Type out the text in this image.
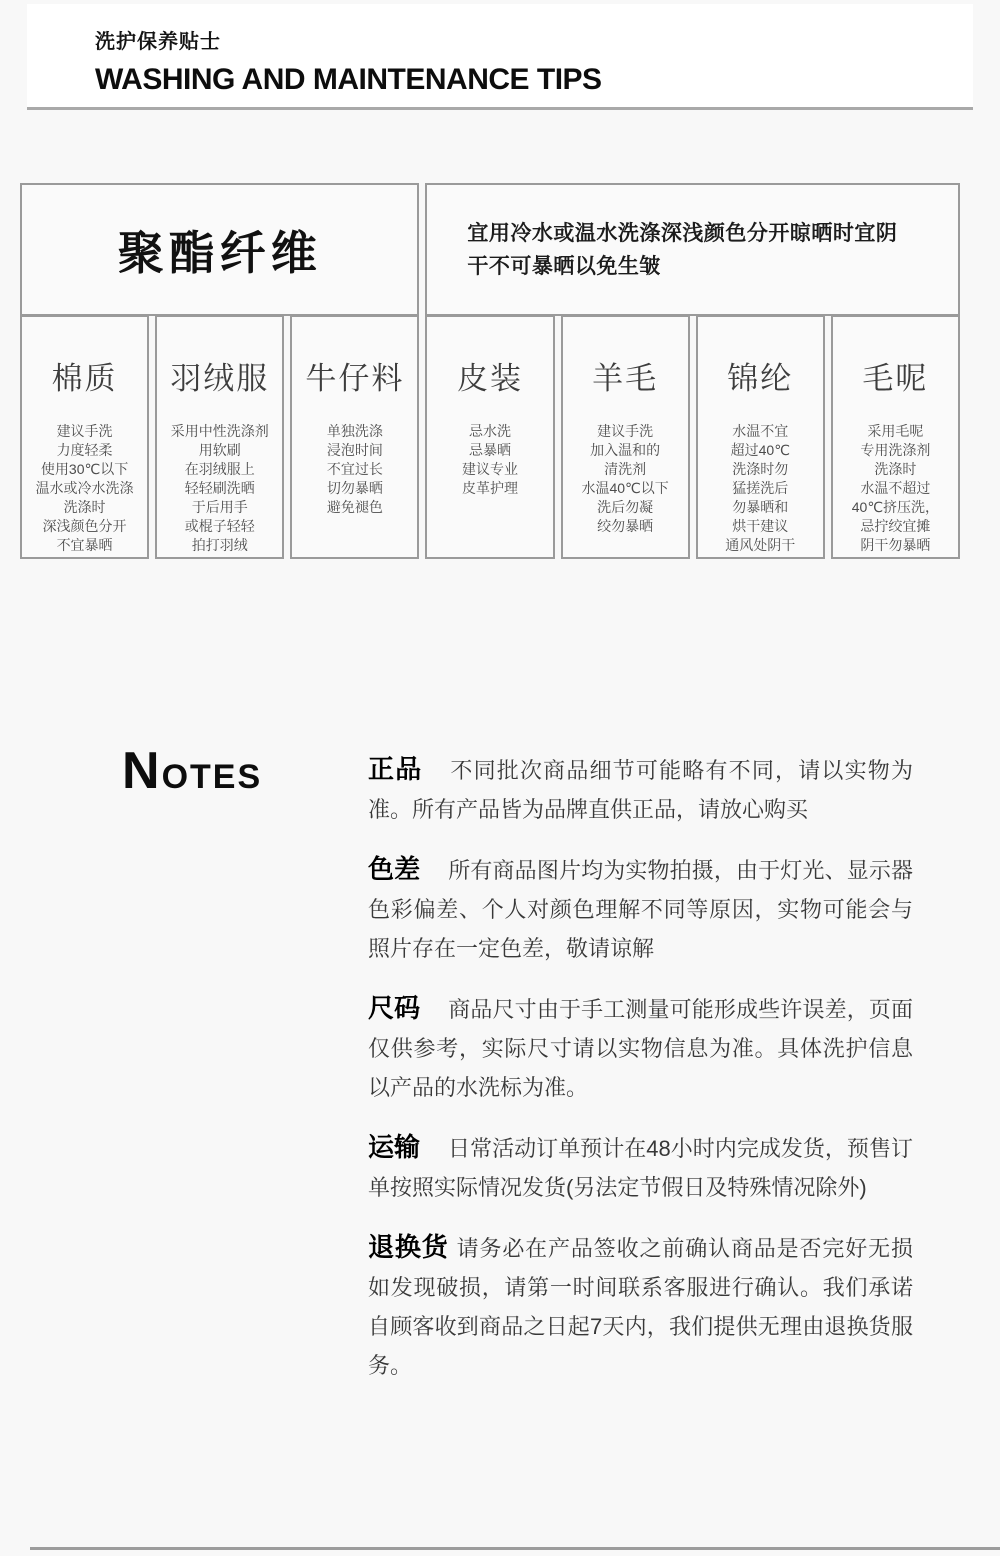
洗护保养贴士
WASHING AND MAINTENANCE TIPS
聚酯纤维	宜用冷水或温水洗涤深浅颜色分开晾晒时宜阴干不可暴晒以免生皱
棉质
建议手洗
力度轻柔
使用30℃以下
温水或冷水洗涤
洗涤时
深浅颜色分开
不宜暴晒
羽绒服
采用中性洗涤剂
用软刷
在羽绒服上
轻轻刷洗晒
于后用手
或棍子轻轻
拍打羽绒
牛仔料
单独洗涤
浸泡时间
不宜过长
切勿暴晒
避免褪色
皮装
忌水洗
忌暴晒
建议专业
皮革护理
羊毛
建议手洗
加入温和的
清洗剂
水温40℃以下
洗后勿凝
绞勿暴晒
锦纶
水温不宜
超过40℃
洗涤时勿
猛搓洗后
勿暴晒和
烘干建议
通风处阴干
毛呢
采用毛呢
专用洗涤剂
洗涤时
水温不超过
40℃挤压洗，
忌拧绞宜摊
阴干勿暴晒
NOTES	正品 不同批次商品细节可能略有不同，请以实物为准。所有产品皆为品牌直供正品，请放心购买

色差 所有商品图片均为实物拍摄，由于灯光、显示器色彩偏差、个人对颜色理解不同等原因，实物可能会与照片存在一定色差，敬请谅解

尺码 商品尺寸由于手工测量可能形成些许误差，页面仅供参考，实际尺寸请以实物信息为准。具体洗护信息以产品的水洗标为准。

运输 日常活动订单预计在48小时内完成发货，预售订单按照实际情况发货(另法定节假日及特殊情况除外)

退换货 请务必在产品签收之前确认商品是否完好无损如发现破损，请第一时间联系客服进行确认。我们承诺自顾客收到商品之日起7天内，我们提供无理由退换货服务。
